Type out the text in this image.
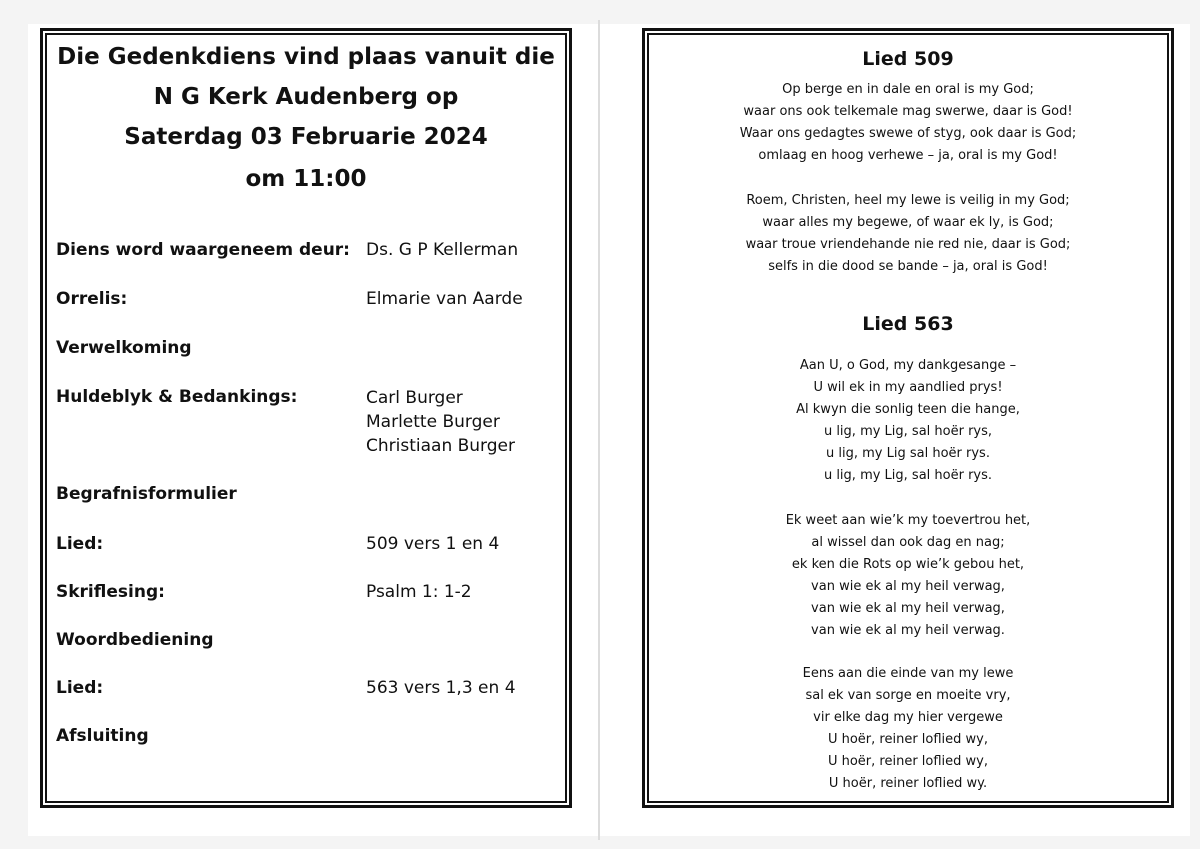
Die Gedenkdiens vind plaas vanuit die
N G Kerk Audenberg op
Saterdag 03 Februarie 2024
om 11:00
Diens word waargeneem deur: Ds. G P Kellerman
Orrelis:	Elmarie van Aarde
Verwelkoming
Huldeblyk & Bedankings:	Carl Burger
Marlette Burger
Christiaan Burger
Begrafnisformulier
Lied:	509 vers 1 en 4
Skriflesing:	Psalm 1: 1-2
Woordbediening
Lied:	563 vers 1,3 en 4
Afsluiting
Lied 509
Op berge en in dale en oral is my God;
waar ons ook telkemale mag swerwe, daar is God!
Waar ons gedagtes swewe of styg, ook daar is God;
omlaag en hoog verhewe – ja, oral is my God!
Roem, Christen, heel my lewe is veilig in my God;
waar alles my begewe, of waar ek ly, is God;
waar troue vriendehande nie red nie, daar is God;
selfs in die dood se bande – ja, oral is God!
Lied 563
Aan U, o God, my dankgesange –
U wil ek in my aandlied prys!
Al kwyn die sonlig teen die hange,
u lig, my Lig, sal hoër rys,
u lig, my Lig sal hoër rys.
u lig, my Lig, sal hoër rys.
Ek weet aan wie’k my toevertrou het,
al wissel dan ook dag en nag;
ek ken die Rots op wie’k gebou het,
van wie ek al my heil verwag,
van wie ek al my heil verwag,
van wie ek al my heil verwag.
Eens aan die einde van my lewe
sal ek van sorge en moeite vry,
vir elke dag my hier vergewe
U hoër, reiner loflied wy,
U hoër, reiner loflied wy,
U hoër, reiner loflied wy.
